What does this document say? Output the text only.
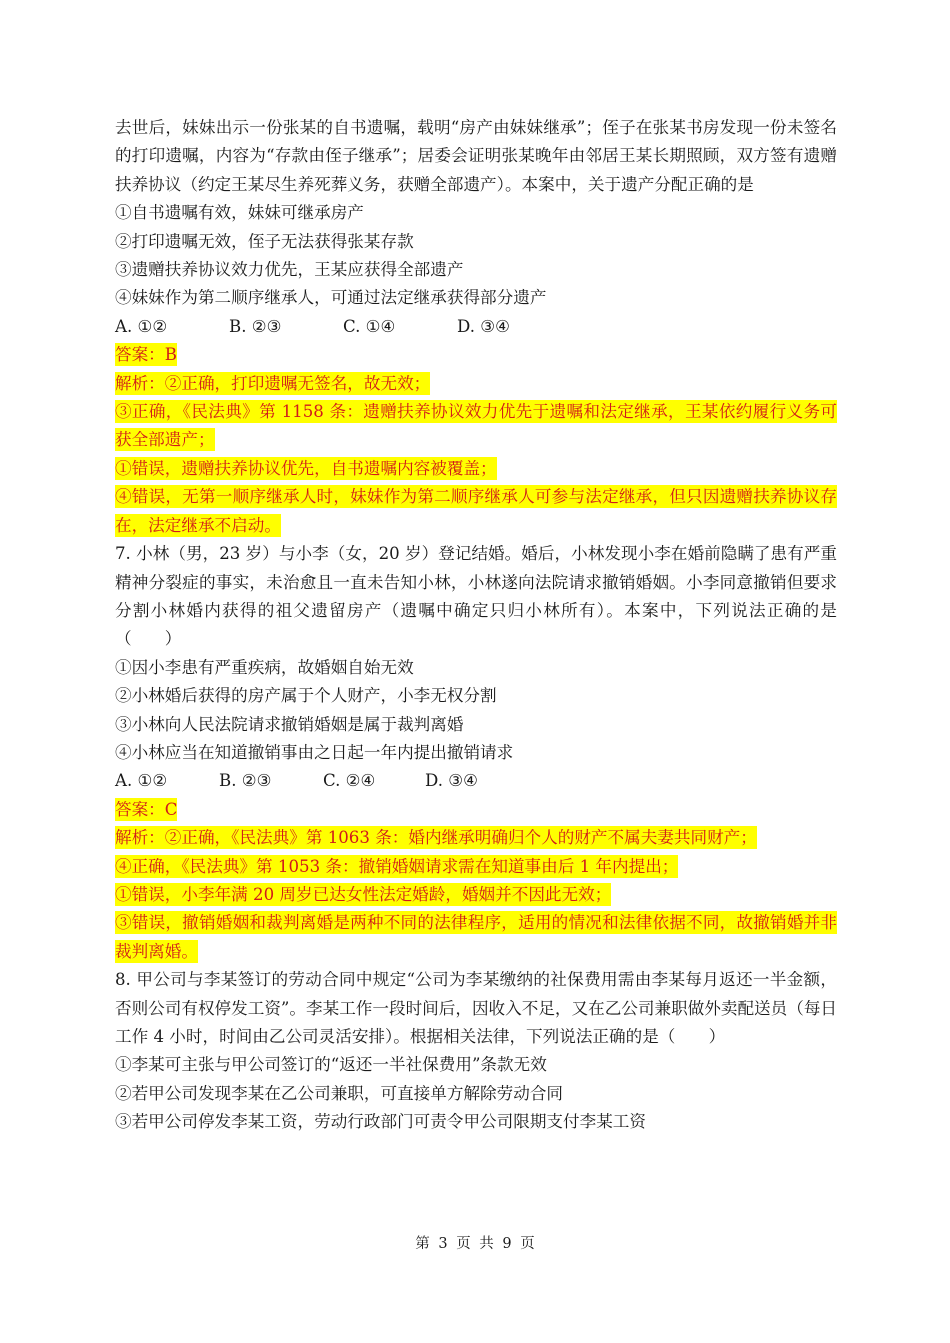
去世后，妹妹出示一份张某的自书遗嘱，载明“房产由妹妹继承”；侄子在张某书房发现一份未签名的打印遗嘱，内容为“存款由侄子继承”；居委会证明张某晚年由邻居王某长期照顾，双方签有遗赠扶养协议（约定王某尽生养死葬义务，获赠全部遗产）。本案中，关于遗产分配正确的是

①自书遗嘱有效，妹妹可继承房产

②打印遗嘱无效，侄子无法获得张某存款

③遗赠扶养协议效力优先，王某应获得全部遗产

④妹妹作为第二顺序继承人，可通过法定继承获得部分遗产

A. ①②	B. ②③	C. ①④	D. ③④

答案：B

解析：②正确，打印遗嘱无签名，故无效；

③正确，《民法典》第 1158 条：遗赠扶养协议效力优先于遗嘱和法定继承，王某依约履行义务可获全部遗产；

①错误，遗赠扶养协议优先，自书遗嘱内容被覆盖；

④错误，无第一顺序继承人时，妹妹作为第二顺序继承人可参与法定继承，但只因遗赠扶养协议存在，法定继承不启动。

7. 小林（男，23 岁）与小李（女，20 岁）登记结婚。婚后，小林发现小李在婚前隐瞒了患有严重精神分裂症的事实，未治愈且一直未告知小林，小林遂向法院请求撤销婚姻。小李同意撤销但要求分割小林婚内获得的祖父遗留房产（遗嘱中确定只归小林所有）。本案中，下列说法正确的是（　　）

①因小李患有严重疾病，故婚姻自始无效

②小林婚后获得的房产属于个人财产，小李无权分割

③小林向人民法院请求撤销婚姻是属于裁判离婚

④小林应当在知道撤销事由之日起一年内提出撤销请求

A. ①②	B. ②③	C. ②④	D. ③④

答案：C

解析：②正确，《民法典》第 1063 条：婚内继承明确归个人的财产不属夫妻共同财产；

④正确，《民法典》第 1053 条：撤销婚姻请求需在知道事由后 1 年内提出；

①错误，小李年满 20 周岁已达女性法定婚龄，婚姻并不因此无效；

③错误，撤销婚姻和裁判离婚是两种不同的法律程序，适用的情况和法律依据不同，故撤销婚并非裁判离婚。

8. 甲公司与李某签订的劳动合同中规定“公司为李某缴纳的社保费用需由李某每月返还一半金额，否则公司有权停发工资”。李某工作一段时间后，因收入不足，又在乙公司兼职做外卖配送员（每日工作 4 小时，时间由乙公司灵活安排）。根据相关法律，下列说法正确的是（　　）

①李某可主张与甲公司签订的“返还一半社保费用”条款无效

②若甲公司发现李某在乙公司兼职，可直接单方解除劳动合同

③若甲公司停发李某工资，劳动行政部门可责令甲公司限期支付李某工资

第 3 页 共 9 页
